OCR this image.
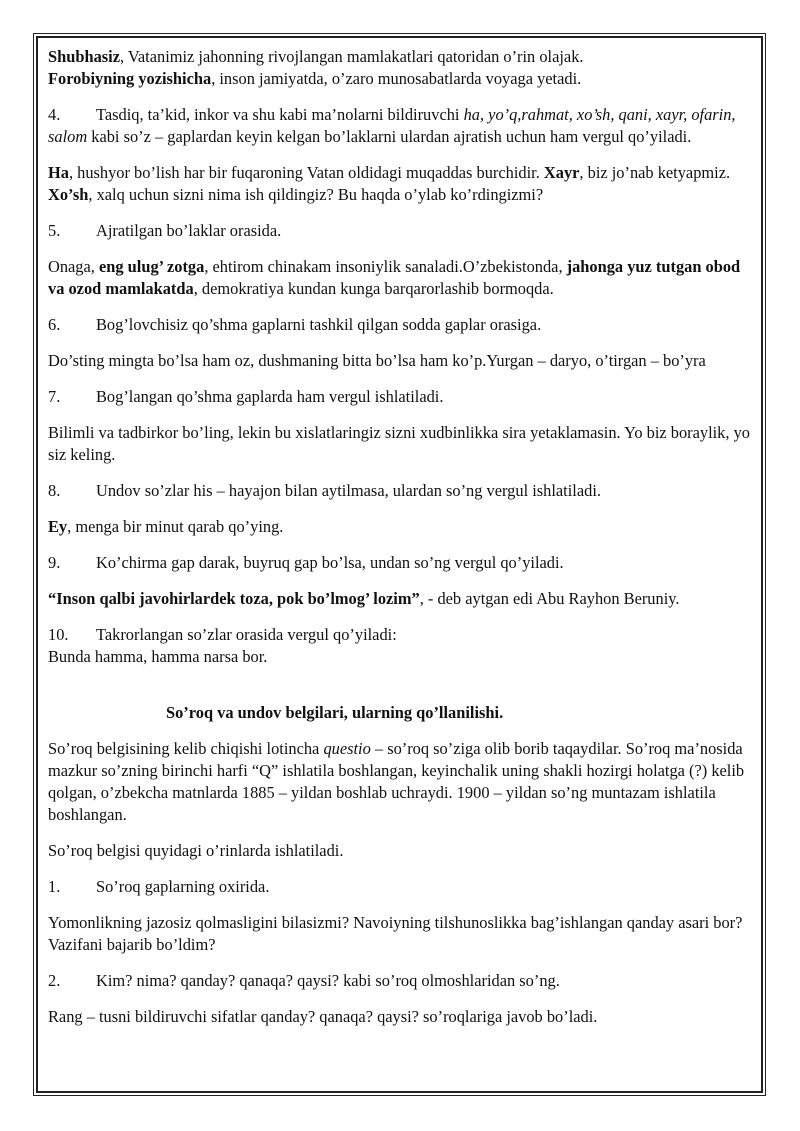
Shubhasiz, Vatanimiz jahonning rivojlangan mamlakatlari qatoridan o’rin olajak.
Forobiyning yozishicha, inson jamiyatda, o’zaro munosabatlarda voyaga yetadi.

4. Tasdiq, ta’kid, inkor va shu kabi ma’nolarni bildiruvchi ha, yo’q,rahmat, xo’sh, qani, xayr, ofarin, salom kabi so’z – gaplardan keyin kelgan bo’laklarni ulardan ajratish uchun ham vergul qo’yiladi.

Ha, hushyor bo’lish har bir fuqaroning Vatan oldidagi muqaddas burchidir. Xayr, biz jo’nab ketyapmiz. Xo’sh, xalq uchun sizni nima ish qildingiz? Bu haqda o’ylab ko’rdingizmi?

5. Ajratilgan bo’laklar orasida.

Onaga, eng ulug’ zotga, ehtirom chinakam insoniylik sanaladi.O’zbekistonda, jahonga yuz tutgan obod va ozod mamlakatda, demokratiya kundan kunga barqarorlashib bormoqda.

6. Bog’lovchisiz qo’shma gaplarni tashkil qilgan sodda gaplar orasiga.

Do’sting mingta bo’lsa ham oz, dushmaning bitta bo’lsa ham ko’p.Yurgan – daryo, o’tirgan – bo’yra

7. Bog’langan qo’shma gaplarda ham vergul ishlatiladi.

Bilimli va tadbirkor bo’ling, lekin bu xislatlaringiz sizni xudbinlikka sira yetaklamasin. Yo biz boraylik, yo siz keling.

8. Undov so’zlar his – hayajon bilan aytilmasa, ulardan so’ng vergul ishlatiladi.

Ey, menga bir minut qarab qo’ying.

9. Ko’chirma gap darak, buyruq gap bo’lsa, undan so’ng vergul qo’yiladi.

“Inson qalbi javohirlardek toza, pok bo’lmog’ lozim”, - deb aytgan edi Abu Rayhon Beruniy.

10. Takrorlangan so’zlar orasida vergul qo’yiladi:

Bunda hamma, hamma narsa bor.

So’roq va undov belgilari, ularning qo’llanilishi.

So’roq belgisining kelib chiqishi lotincha questio – so’roq so’ziga olib borib taqaydilar. So’roq ma’nosida mazkur so’zning birinchi harfi “Q” ishlatila boshlangan, keyinchalik uning shakli hozirgi holatga (?) kelib qolgan, o’zbekcha matnlarda 1885 – yildan boshlab uchraydi. 1900 – yildan so’ng muntazam ishlatila boshlangan.

So’roq belgisi quyidagi o’rinlarda ishlatiladi.

1. So’roq gaplarning oxirida.

Yomonlikning jazosiz qolmasligini bilasizmi? Navoiyning tilshunoslikka bag’ishlangan qanday asari bor? Vazifani bajarib bo’ldim?

2. Kim? nima? qanday? qanaqa? qaysi? kabi so’roq olmoshlaridan so’ng.

Rang – tusni bildiruvchi sifatlar qanday? qanaqa? qaysi? so’roqlariga javob bo’ladi.
